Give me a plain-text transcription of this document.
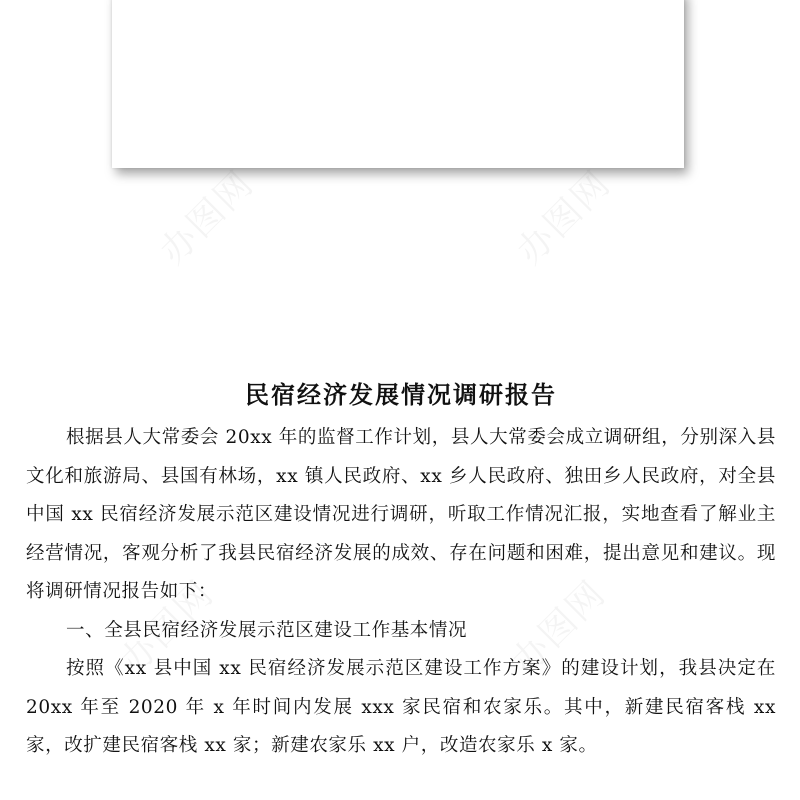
民宿经济发展情况调研报告

根据县人大常委会 20xx 年的监督工作计划，县人大常委会成立调研组，分别深入县文化和旅游局、县国有林场，xx 镇人民政府、xx 乡人民政府、独田乡人民政府，对全县中国 xx 民宿经济发展示范区建设情况进行调研，听取工作情况汇报，实地查看了解业主经营情况，客观分析了我县民宿经济发展的成效、存在问题和困难，提出意见和建议。现将调研情况报告如下：

一、全县民宿经济发展示范区建设工作基本情况

按照《xx 县中国 xx 民宿经济发展示范区建设工作方案》的建设计划，我县决定在 20xx 年至 2020 年 x 年时间内发展 xxx 家民宿和农家乐。其中，新建民宿客栈 xx 家，改扩建民宿客栈 xx 家；新建农家乐 xx 户，改造农家乐 x 家。
